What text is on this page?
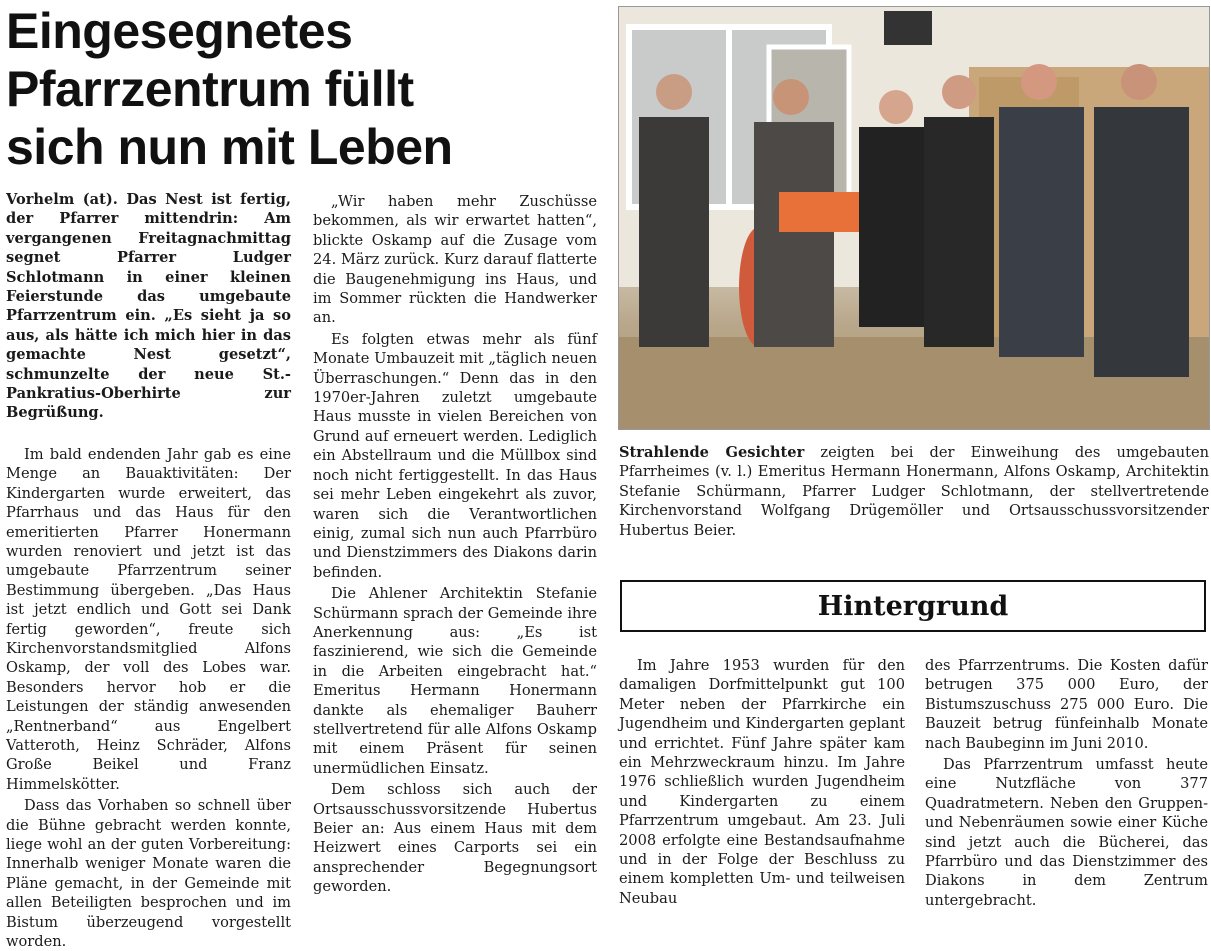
Eingesegnetes
Pfarrzentrum füllt
sich nun mit Leben

Vorhelm (at). Das Nest ist fertig, der Pfarrer mittendrin: Am vergangenen Freitagnachmittag segnet Pfarrer Ludger Schlotmann in einer kleinen Feierstunde das umgebaute Pfarrzentrum ein. „Es sieht ja so aus, als hätte ich mich hier in das gemachte Nest gesetzt“, schmunzelte der neue St.-Pankratius-Oberhirte zur Begrüßung.

Im bald endenden Jahr gab es eine Menge an Bauaktivitäten: Der Kindergarten wurde erweitert, das Pfarrhaus und das Haus für den emeritierten Pfarrer Honermann wurden renoviert und jetzt ist das umgebaute Pfarrzentrum seiner Bestimmung übergeben. „Das Haus ist jetzt endlich und Gott sei Dank fertig geworden“, freute sich Kirchenvorstandsmitglied Alfons Oskamp, der voll des Lobes war. Besonders hervor hob er die Leistungen der ständig anwesenden „Rentnerband“ aus Engelbert Vatteroth, Heinz Schräder, Alfons Große Beikel und Franz Himmelskötter.

Dass das Vorhaben so schnell über die Bühne gebracht werden konnte, liege wohl an der guten Vorbereitung: Innerhalb weniger Monate waren die Pläne gemacht, in der Gemeinde mit allen Beteiligten besprochen und im Bistum überzeugend vorgestellt worden.

„Wir haben mehr Zuschüsse bekommen, als wir erwartet hatten“, blickte Oskamp auf die Zusage vom 24. März zurück. Kurz darauf flatterte die Baugenehmigung ins Haus, und im Sommer rückten die Handwerker an.

Es folgten etwas mehr als fünf Monate Umbauzeit mit „täglich neuen Überraschungen.“ Denn das in den 1970er-Jahren zuletzt umgebaute Haus musste in vielen Bereichen von Grund auf erneuert werden. Lediglich ein Abstellraum und die Müllbox sind noch nicht fertiggestellt. In das Haus sei mehr Leben eingekehrt als zuvor, waren sich die Verantwortlichen einig, zumal sich nun auch Pfarrbüro und Dienstzimmers des Diakons darin befinden.

Die Ahlener Architektin Stefanie Schürmann sprach der Gemeinde ihre Anerkennung aus: „Es ist faszinierend, wie sich die Gemeinde in die Arbeiten eingebracht hat.“ Emeritus Hermann Honermann dankte als ehemaliger Bauherr stellvertretend für alle Alfons Oskamp mit einem Präsent für seinen unermüdlichen Einsatz.

Dem schloss sich auch der Ortsausschussvorsitzende Hubertus Beier an: Aus einem Haus mit dem Heizwert eines Carports sei ein ansprechender Begegnungsort geworden.

Strahlende Gesichter zeigten bei der Einweihung des umgebauten Pfarrheimes (v. l.) Emeritus Hermann Honermann, Alfons Oskamp, Architektin Stefanie Schürmann, Pfarrer Ludger Schlotmann, der stellvertretende Kirchenvorstand Wolfgang Drügemöller und Ortsausschussvorsitzender Hubertus Beier.

Hintergrund

Im Jahre 1953 wurden für den damaligen Dorfmittelpunkt gut 100 Meter neben der Pfarrkirche ein Jugendheim und Kindergarten geplant und errichtet. Fünf Jahre später kam ein Mehrzweckraum hinzu. Im Jahre 1976 schließlich wurden Jugendheim und Kindergarten zu einem Pfarrzentrum umgebaut. Am 23. Juli 2008 erfolgte eine Bestandsaufnahme und in der Folge der Beschluss zu einem kompletten Um- und teilweisen Neubau

des Pfarrzentrums. Die Kosten dafür betrugen 375 000 Euro, der Bistumszuschuss 275 000 Euro. Die Bauzeit betrug fünfeinhalb Monate nach Baubeginn im Juni 2010.

Das Pfarrzentrum umfasst heute eine Nutzfläche von 377 Quadratmetern. Neben den Gruppen- und Nebenräumen sowie einer Küche sind jetzt auch die Bücherei, das Pfarrbüro und das Dienstzimmer des Diakons in dem Zentrum untergebracht.
